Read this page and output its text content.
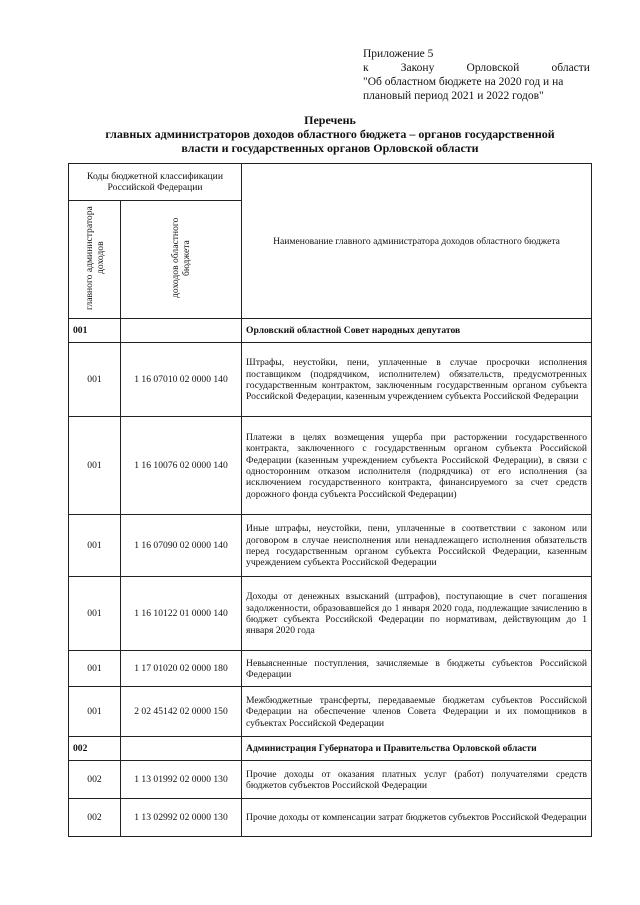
Приложение 5
к	Закону	Орловской	области
"Об областном бюджете на 2020 год и на
плановый период 2021 и 2022 годов"
Перечень
главных администраторов доходов областного бюджета – органов государственной
власти и государственных органов Орловской области
Коды бюджетной классификации Российской Федерации		Наименование главного администратора доходов областного бюджета
главного администратора доходов	доходов областного бюджета	
001		Орловский областной Совет народных депутатов
001	1 16 07010 02 0000 140	Штрафы, неустойки, пени, уплаченные в случае просрочки исполнения поставщиком (подрядчиком, исполнителем) обязательств, предусмотренных государственным контрактом, заключенным государственным органом субъекта Российской Федерации, казенным учреждением субъекта Российской Федерации
001	1 16 10076 02 0000 140	Платежи в целях возмещения ущерба при расторжении государственного контракта, заключенного с государственным органом субъекта Российской Федерации (казенным учреждением субъекта Российской Федерации), в связи с односторонним отказом исполнителя (подрядчика) от его исполнения (за исключением государственного контракта, финансируемого за счет средств дорожного фонда субъекта Российской Федерации)
001	1 16 07090 02 0000 140	Иные штрафы, неустойки, пени, уплаченные в соответствии с законом или договором в случае неисполнения или ненадлежащего исполнения обязательств перед государственным органом субъекта Российской Федерации, казенным учреждением субъекта Российской Федерации
001	1 16 10122 01 0000 140	Доходы от денежных взысканий (штрафов), поступающие в счет погашения задолженности, образовавшейся до 1 января 2020 года, подлежащие зачислению в бюджет субъекта Российской Федерации по нормативам, действующим до 1 января 2020 года
001	1 17 01020 02 0000 180	Невыясненные поступления, зачисляемые в бюджеты субъектов Российской Федерации
001	2 02 45142 02 0000 150	Межбюджетные трансферты, передаваемые бюджетам субъектов Российской Федерации на обеспечение членов Совета Федерации и их помощников в субъектах Российской Федерации
002		Администрация Губернатора и Правительства Орловской области
002	1 13 01992 02 0000 130	Прочие доходы от оказания платных услуг (работ) получателями средств бюджетов субъектов Российской Федерации
002	1 13 02992 02 0000 130	Прочие доходы от компенсации затрат бюджетов субъектов Российской Федерации
